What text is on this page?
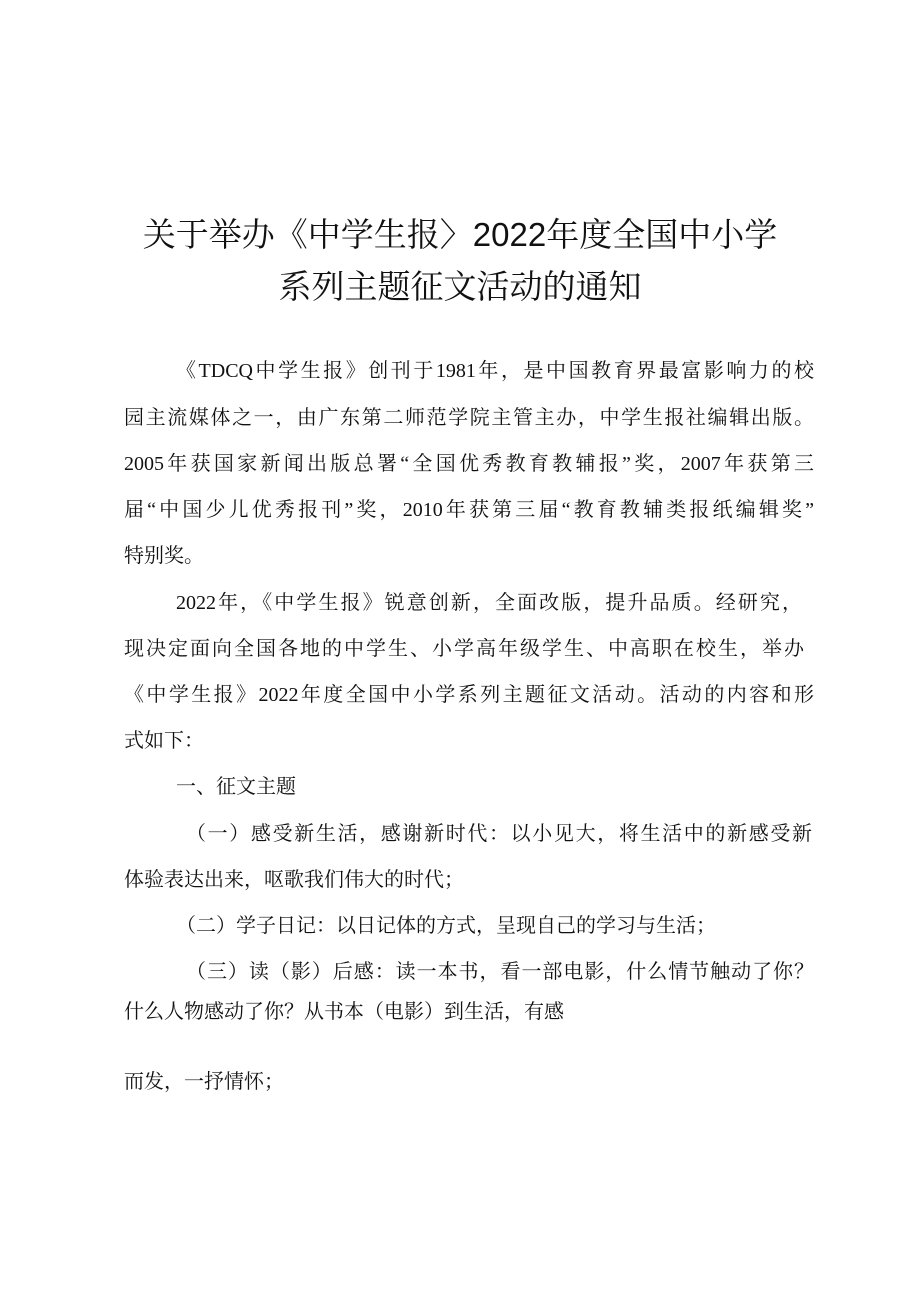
关于举办《中学生报〉2022年度全国中小学
系列主题征文活动的通知
《TDCQ中学生报》创刊于1981年，是中国教育界最富影响力的校
园主流媒体之一，由广东第二师范学院主管主办，中学生报社编辑出版。
2005年获国家新闻出版总署“全国优秀教育教辅报”奖，2007年获第三
届“中国少儿优秀报刊”奖，2010年获第三届“教育教辅类报纸编辑奖”
特别奖。
2022年，《中学生报》锐意创新，全面改版，提升品质。经研究，
现决定面向全国各地的中学生、小学高年级学生、中高职在校生，举办
《中学生报》2022年度全国中小学系列主题征文活动。活动的内容和形
式如下：
一、征文主题
（一）感受新生活，感谢新时代：以小见大，将生活中的新感受新
体验表达出来，呕歌我们伟大的时代；
（二）学子日记：以日记体的方式，呈现自己的学习与生活；
（三）读（影）后感：读一本书，看一部电影，什么情节触动了你？
什么人物感动了你？从书本（电影）到生活，有感
而发，一抒情怀；
